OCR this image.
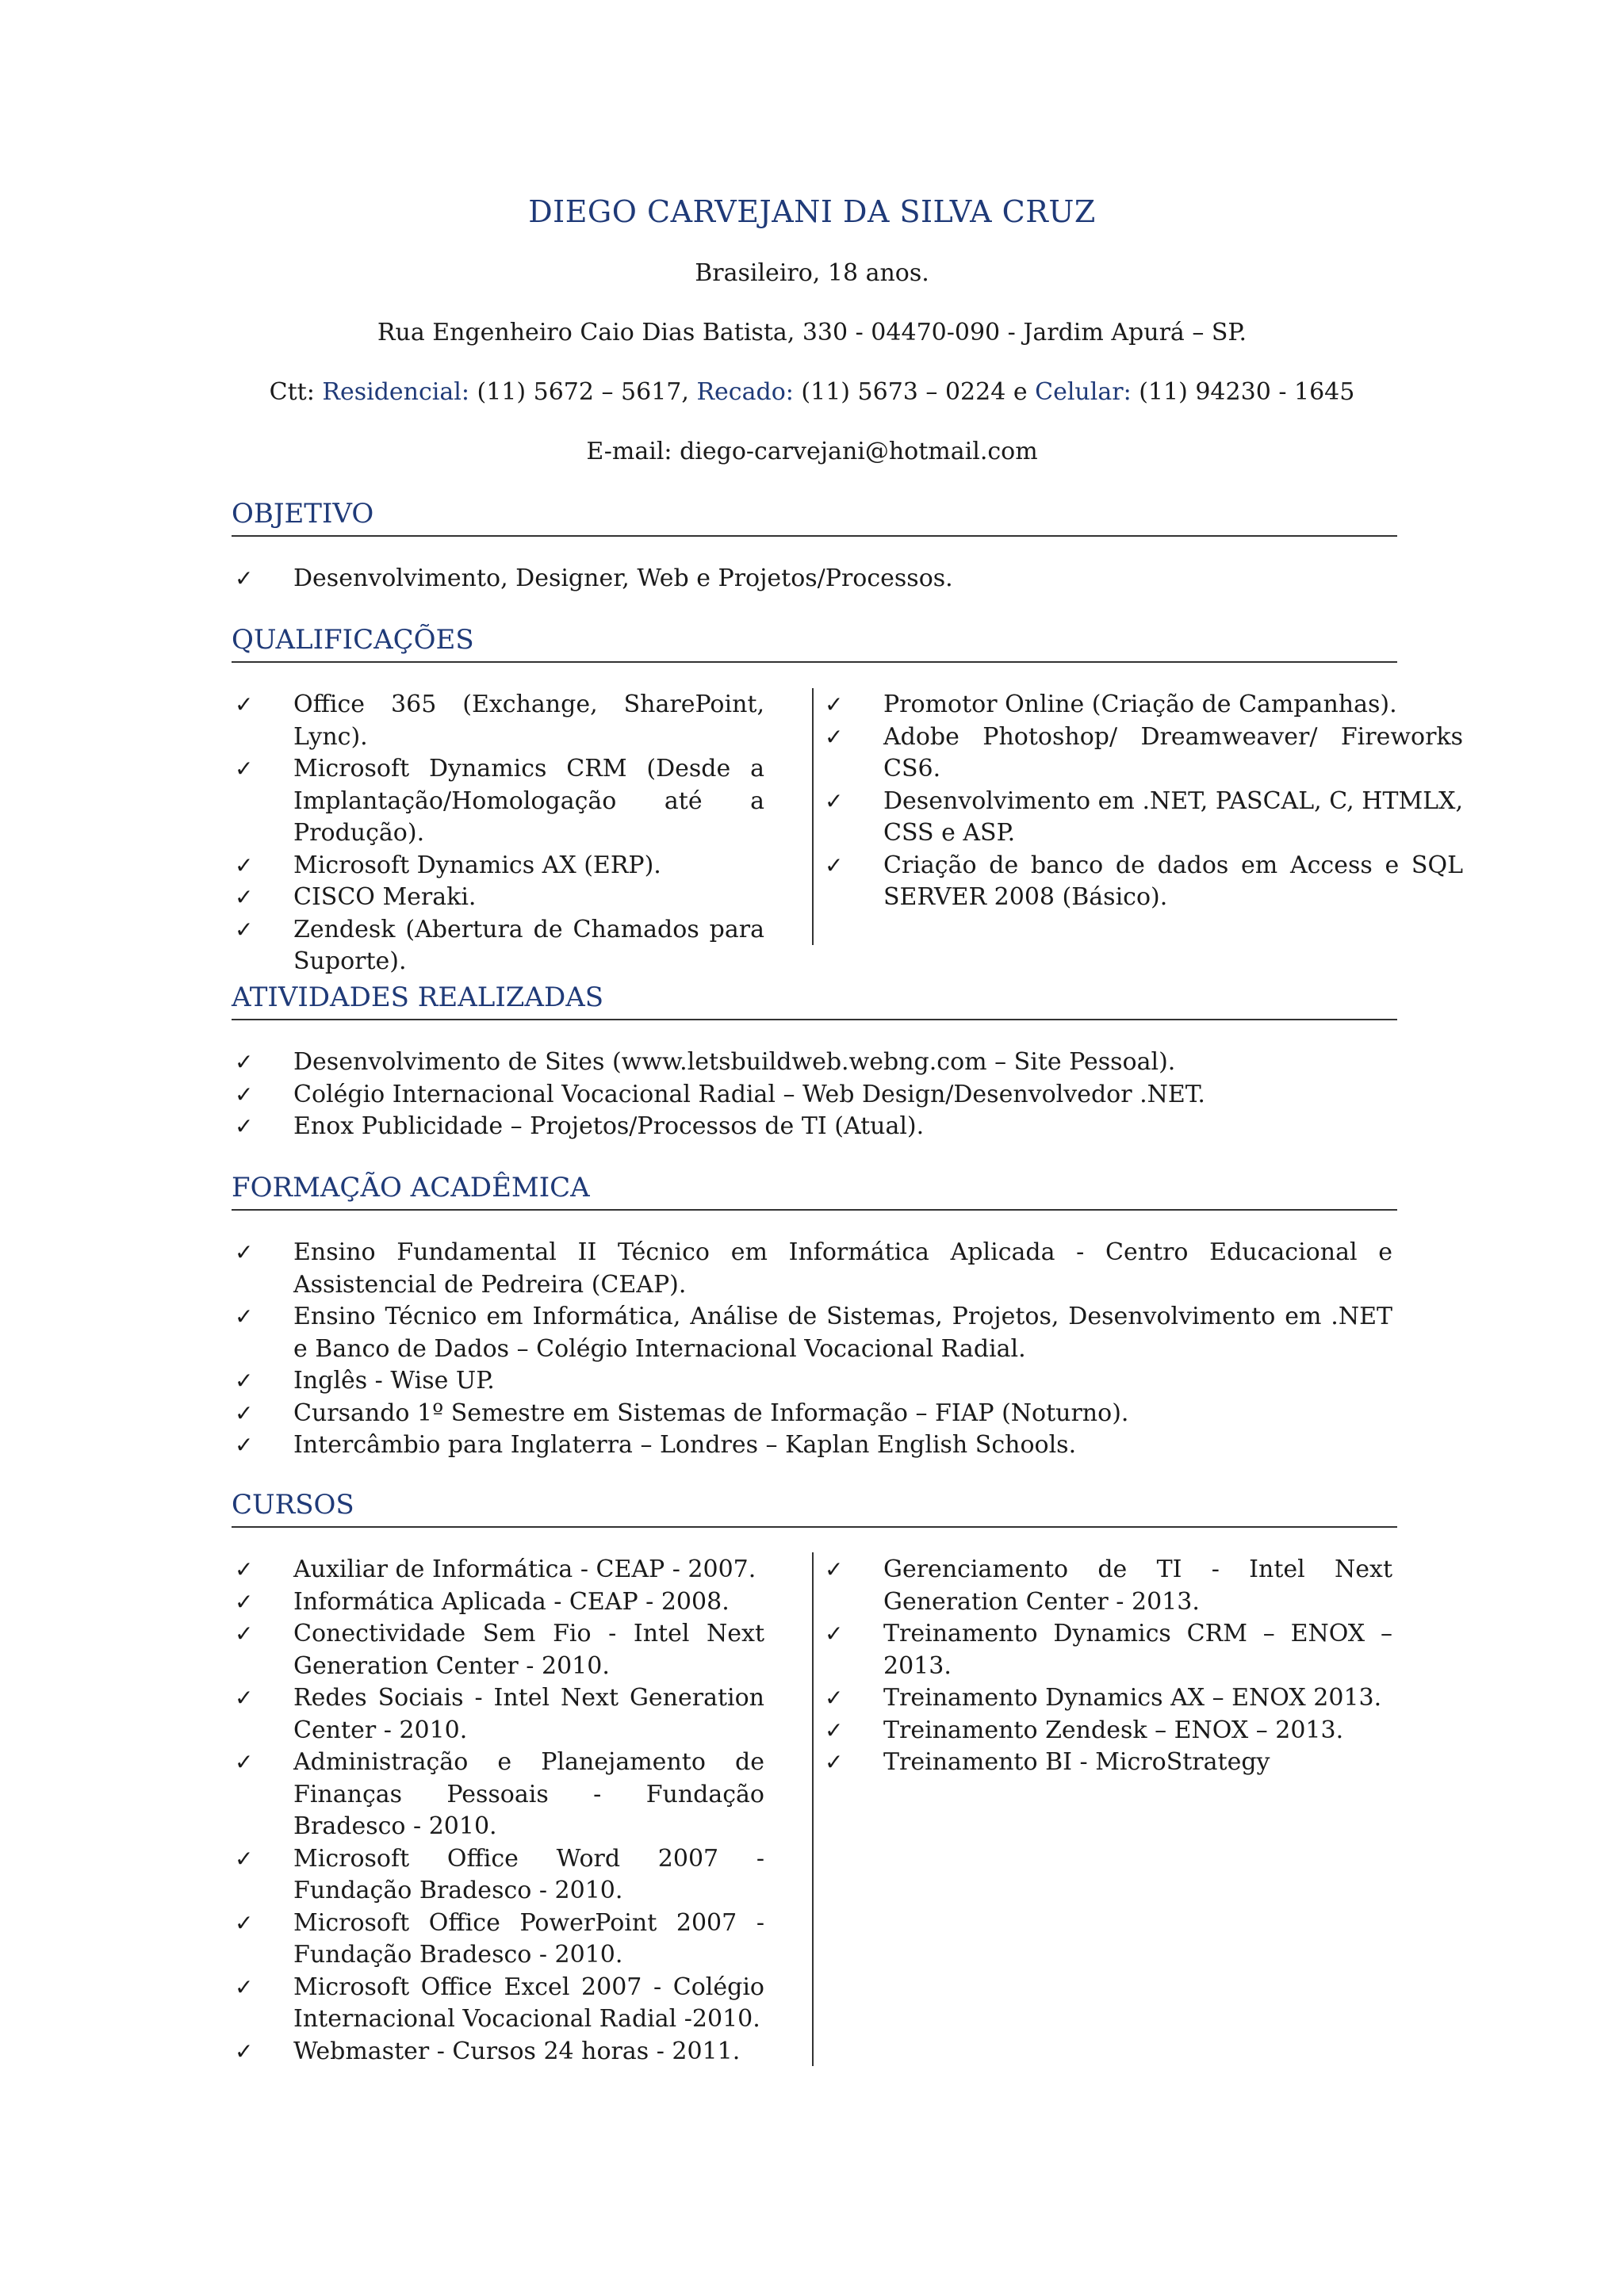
DIEGO CARVEJANI DA SILVA CRUZ
Brasileiro, 18 anos.
Rua Engenheiro Caio Dias Batista, 330 - 04470-090 - Jardim Apurá – SP.
Ctt: Residencial: (11) 5672 – 5617, Recado: (11) 5673 – 0224 e Celular: (11) 94230 - 1645
E-mail: diego-carvejani@hotmail.com
OBJETIVO
✓ Desenvolvimento, Designer, Web e Projetos/Processos.
QUALIFICAÇÕES
✓ Office 365 (Exchange, SharePoint, Lync).
✓ Microsoft Dynamics CRM (Desde a Implantação/Homologação até a Produção).
✓ Microsoft Dynamics AX (ERP).
✓ CISCO Meraki.
✓ Zendesk (Abertura de Chamados para Suporte).
✓ Promotor Online (Criação de Campanhas).
✓ Adobe Photoshop/ Dreamweaver/ Fireworks CS6.
✓ Desenvolvimento em .NET, PASCAL, C, HTMLX, CSS e ASP.
✓ Criação de banco de dados em Access e SQL SERVER 2008 (Básico).
ATIVIDADES REALIZADAS
✓ Desenvolvimento de Sites (www.letsbuildweb.webng.com – Site Pessoal).
✓ Colégio Internacional Vocacional Radial – Web Design/Desenvolvedor .NET.
✓ Enox Publicidade – Projetos/Processos de TI (Atual).
FORMAÇÃO ACADÊMICA
✓ Ensino Fundamental II Técnico em Informática Aplicada - Centro Educacional e Assistencial de Pedreira (CEAP).
✓ Ensino Técnico em Informática, Análise de Sistemas, Projetos, Desenvolvimento em .NET e Banco de Dados – Colégio Internacional Vocacional Radial.
✓ Inglês - Wise UP.
✓ Cursando 1º Semestre em Sistemas de Informação – FIAP (Noturno).
✓ Intercâmbio para Inglaterra – Londres – Kaplan English Schools.
CURSOS
✓ Auxiliar de Informática - CEAP - 2007.
✓ Informática Aplicada - CEAP - 2008.
✓ Conectividade Sem Fio - Intel Next Generation Center - 2010.
✓ Redes Sociais - Intel Next Generation Center - 2010.
✓ Administração e Planejamento de Finanças Pessoais - Fundação Bradesco - 2010.
✓ Microsoft Office Word 2007 - Fundação Bradesco - 2010.
✓ Microsoft Office PowerPoint 2007 - Fundação Bradesco - 2010.
✓ Microsoft Office Excel 2007 - Colégio Internacional Vocacional Radial -2010.
✓ Webmaster - Cursos 24 horas - 2011.
✓ Gerenciamento de TI - Intel Next Generation Center - 2013.
✓ Treinamento Dynamics CRM – ENOX – 2013.
✓ Treinamento Dynamics AX – ENOX 2013.
✓ Treinamento Zendesk – ENOX – 2013.
✓ Treinamento BI - MicroStrategy
